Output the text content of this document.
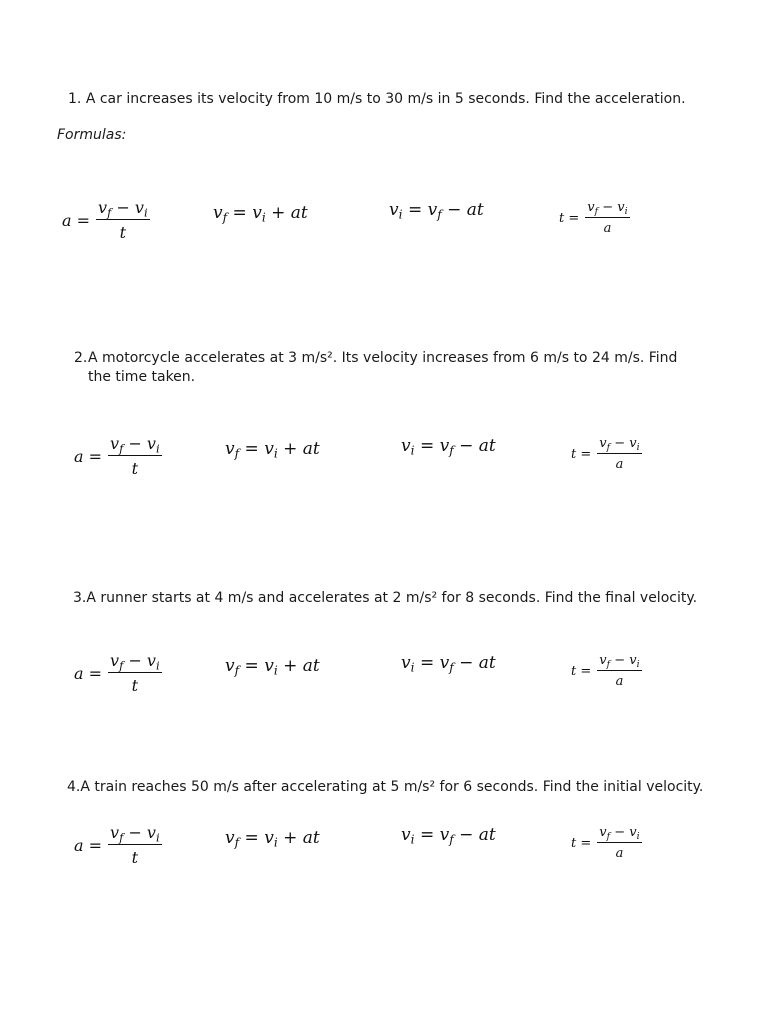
1. A car increases its velocity from 10 m/s to 30 m/s in 5 seconds. Find the acceleration.
Formulas:
$a = \frac{v_f - v_i}{t}$	$v_f = v_i$ + at	$v_i = v_f$ − at	$t = \frac{v_f - v_i}{a}$
2. A motorcycle accelerates at 3 m/s². Its velocity increases from 6 m/s to 24 m/s. Find the time taken.
$a = \frac{v_f - v_i}{t}$	$v_f = v_i$ + at	$v_i = v_f$ − at	$t = \frac{v_f - v_i}{a}$
3.A runner starts at 4 m/s and accelerates at 2 m/s² for 8 seconds. Find the final velocity.
$a = \frac{v_f - v_i}{t}$	$v_f = v_i$ + at	$v_i = v_f$ − at	$t = \frac{v_f - v_i}{a}$
4.A train reaches 50 m/s after accelerating at 5 m/s² for 6 seconds. Find the initial velocity.
$a = \frac{v_f - v_i}{t}$	$v_f = v_i$ + at	$v_i = v_f$ − at	$t = \frac{v_f - v_i}{a}$
